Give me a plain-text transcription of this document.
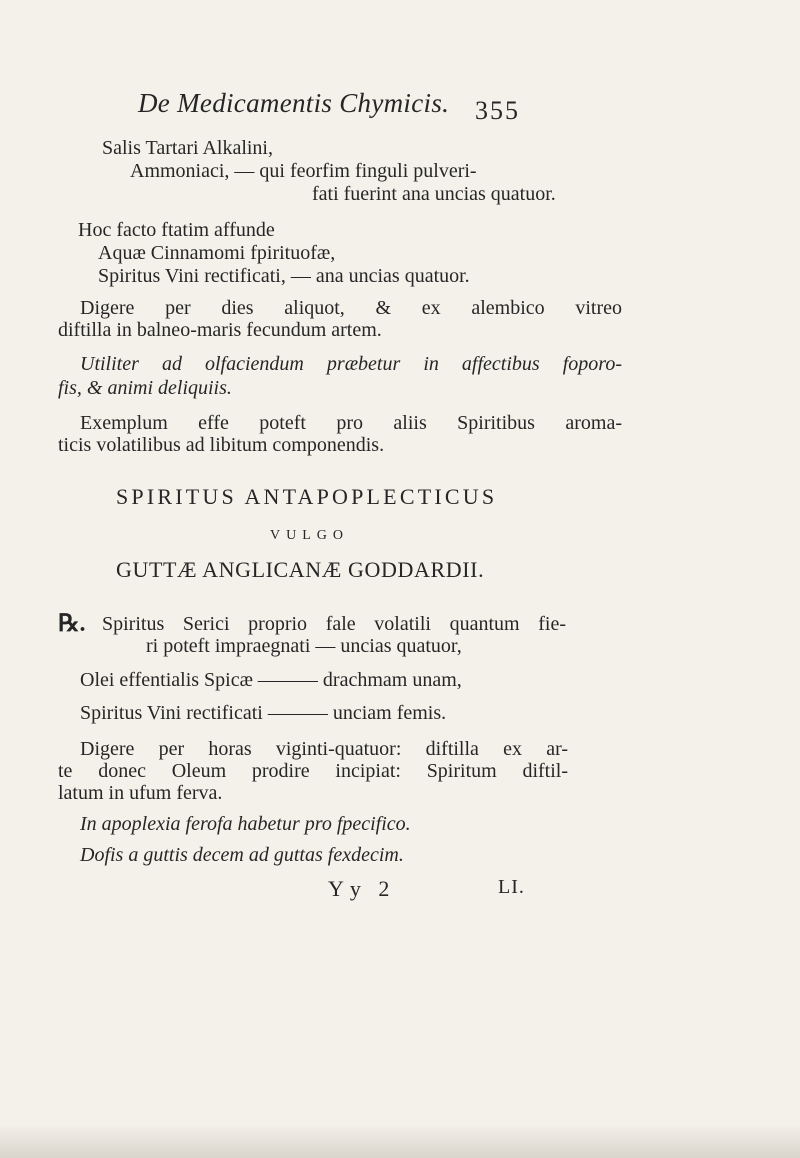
De Medicamentis Chymicis. 355
Salis Tartari Alkalini,
Ammoniaci, — qui feorfim finguli pulveri-
fati fuerint ana uncias quatuor.
Hoc facto ftatim affunde
Aquæ Cinnamomi fpirituofæ,
Spiritus Vini rectificati, — ana uncias quatuor.
Digere per dies aliquot, & ex alembico vitreo
diftilla in balneo-maris fecundum artem.
Utiliter ad olfaciendum præbetur in affectibus foporo-
fis, & animi deliquiis.
Exemplum effe poteft pro aliis Spiritibus aroma-
ticis volatilibus ad libitum componendis.
SPIRITUS ANTAPOPLECTICUS
VULGO
GUTTÆ ANGLICANÆ GODDARDII.
℞. Spiritus Serici proprio fale volatili quantum fie-
ri poteft impraegnati — uncias quatuor,
Olei effentialis Spicæ ——— drachmam unam,
Spiritus Vini rectificati ——— unciam femis.
Digere per horas viginti-quatuor: diftilla ex ar-
te donec Oleum prodire incipiat: Spiritum diftil-
latum in ufum ferva.
In apoplexia ferofa habetur pro fpecifico.
Dofis a guttis decem ad guttas fexdecim.
Yy 2	LI.
